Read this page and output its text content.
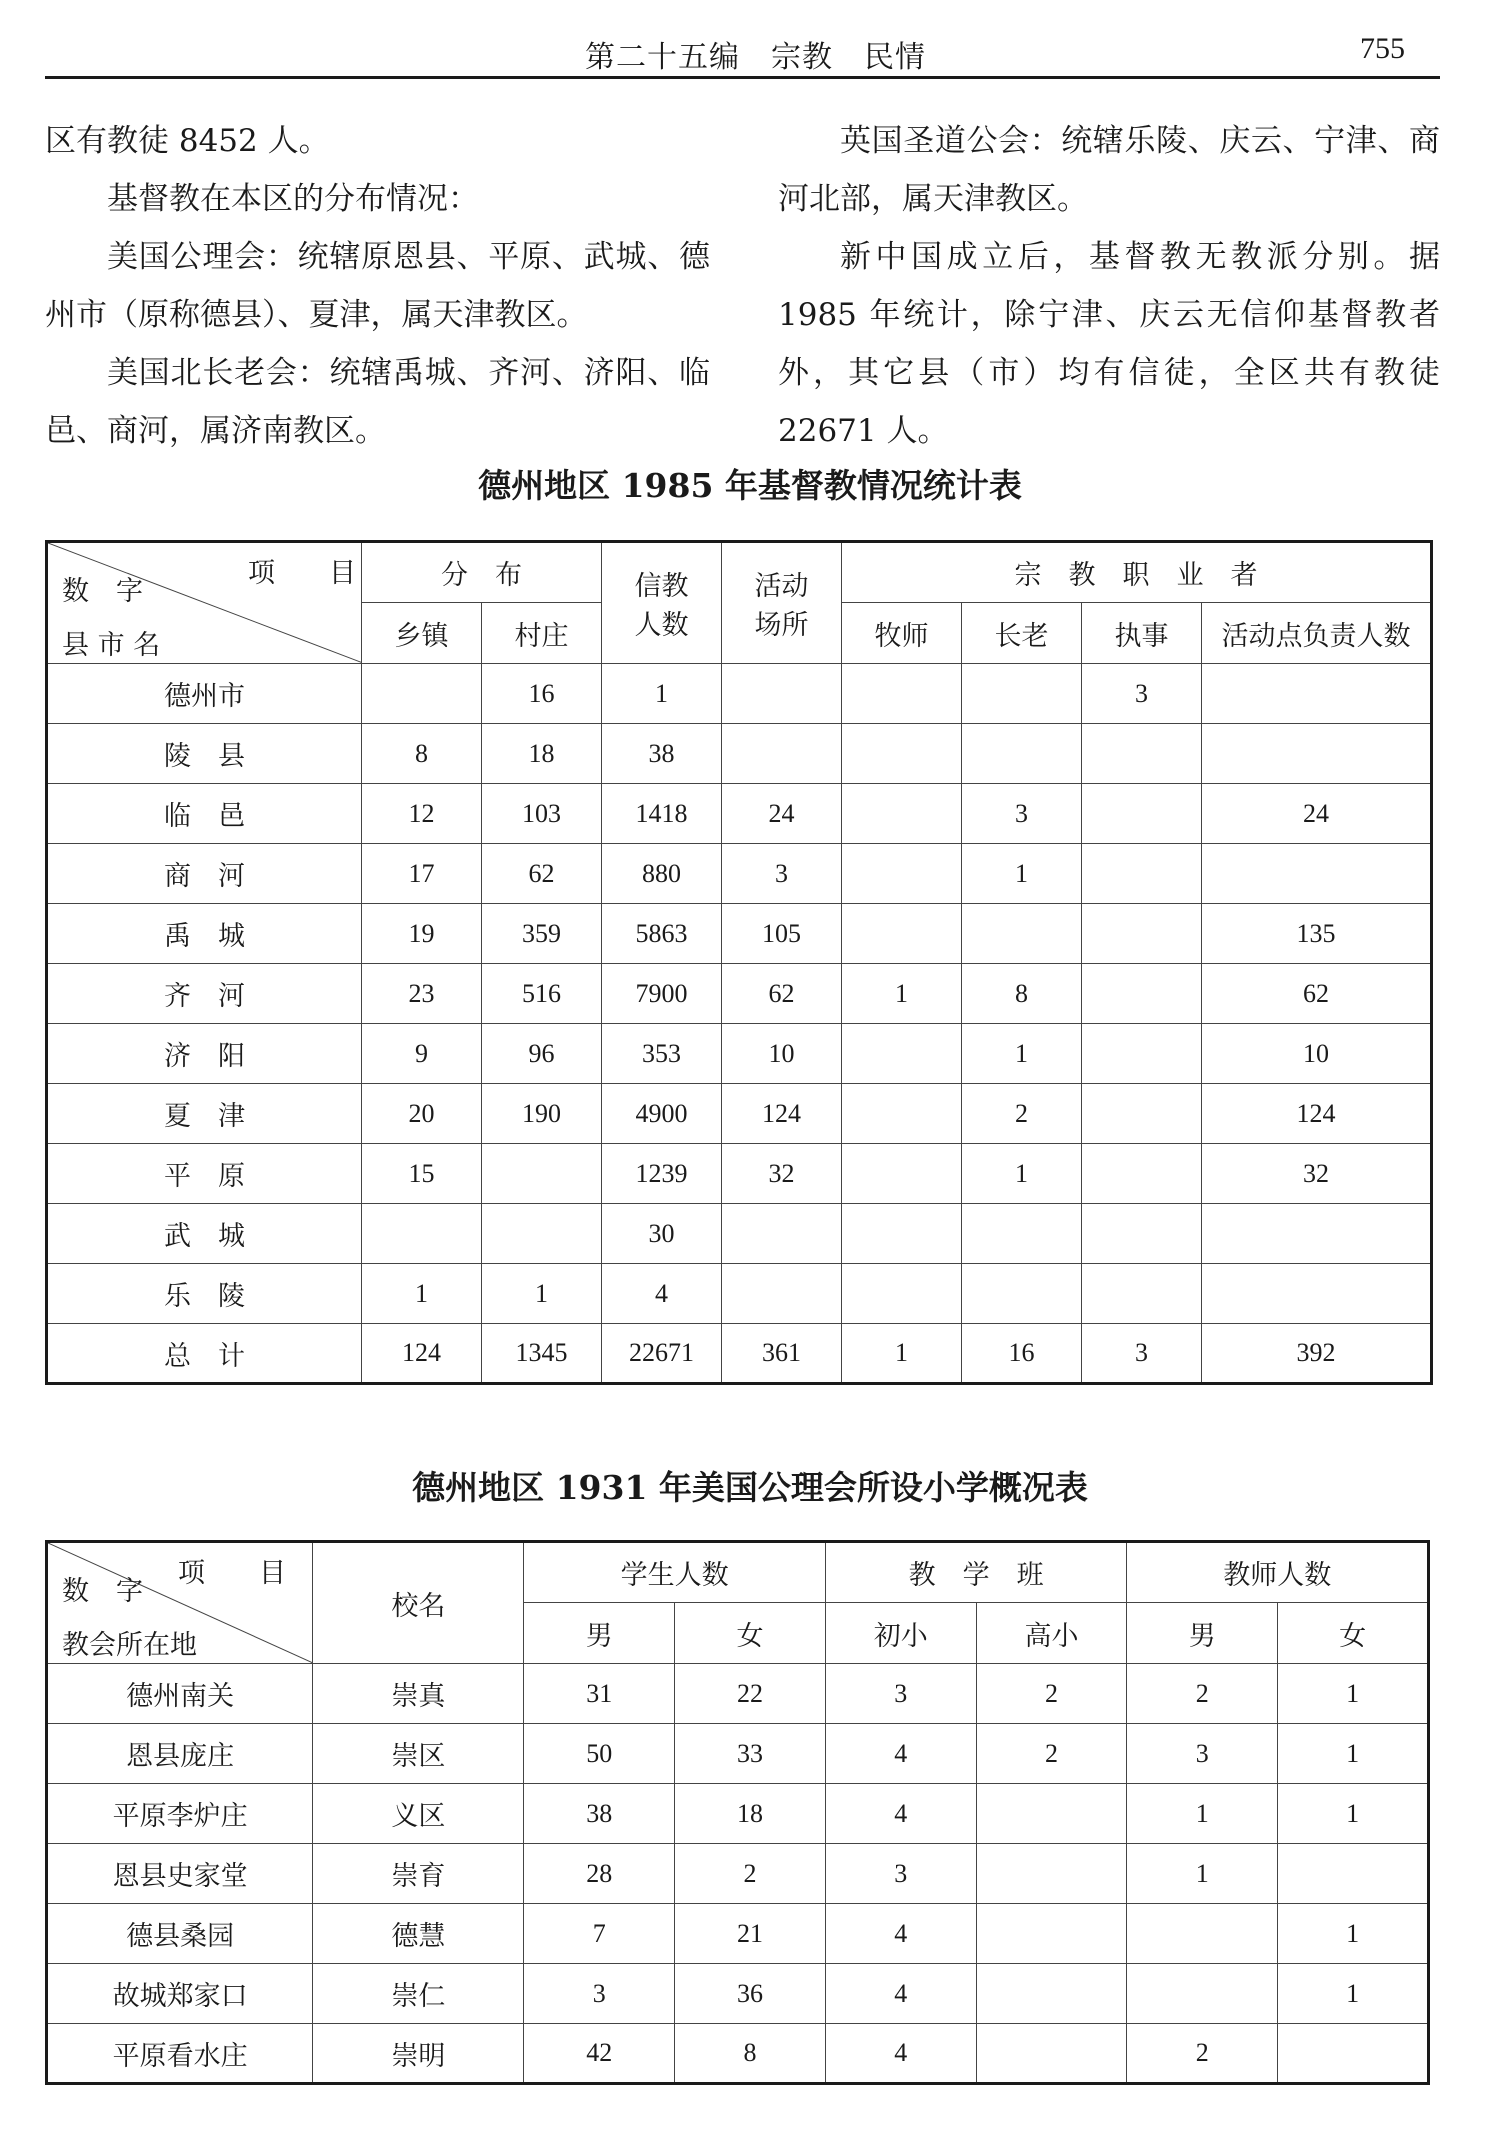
第二十五编　宗教　民情	755

区有教徒 8452 人。

基督教在本区的分布情况：

美国公理会：统辖原恩县、平原、武城、德州市（原称德县）、夏津，属天津教区。

美国北长老会：统辖禹城、齐河、济阳、临邑、商河，属济南教区。

英国圣道公会：统辖乐陵、庆云、宁津、商河北部，属天津教区。

新中国成立后，基督教无教派分别。据 1985 年统计，除宁津、庆云无信仰基督教者外，其它县（市）均有信徒，全区共有教徒 22671 人。

德州地区 1985 年基督教情况统计表
项　　目
数　字
县 市 名	分　布		信教人数	活动场所	宗　教　职　业　者			
	乡镇	村庄			牧师	长老	执事	活动点负责人数
德州市		16	1				3	
陵　县	8	18	38					
临　邑	12	103	1418	24		3		24
商　河	17	62	880	3		1		
禹　城	19	359	5863	105				135
齐　河	23	516	7900	62	1	8		62
济　阳	9	96	353	10		1		10
夏　津	20	190	4900	124		2		124
平　原	15		1239	32		1		32
武　城			30					
乐　陵	1	1	4					
总　计	124	1345	22671	361	1	16	3	392
德州地区 1931 年美国公理会所设小学概况表
项　　目
数　字
教会所在地	校名	学生人数		教　学　班		教师人数	
		男	女	初小	高小	男	女
德州南关	崇真	31	22	3	2	2	1
恩县庞庄	崇区	50	33	4	2	3	1
平原李炉庄	义区	38	18	4		1	1
恩县史家堂	崇育	28	2	3		1	
德县桑园	德慧	7	21	4			1
故城郑家口	崇仁	3	36	4			1
平原看水庄	崇明	42	8	4		2	
